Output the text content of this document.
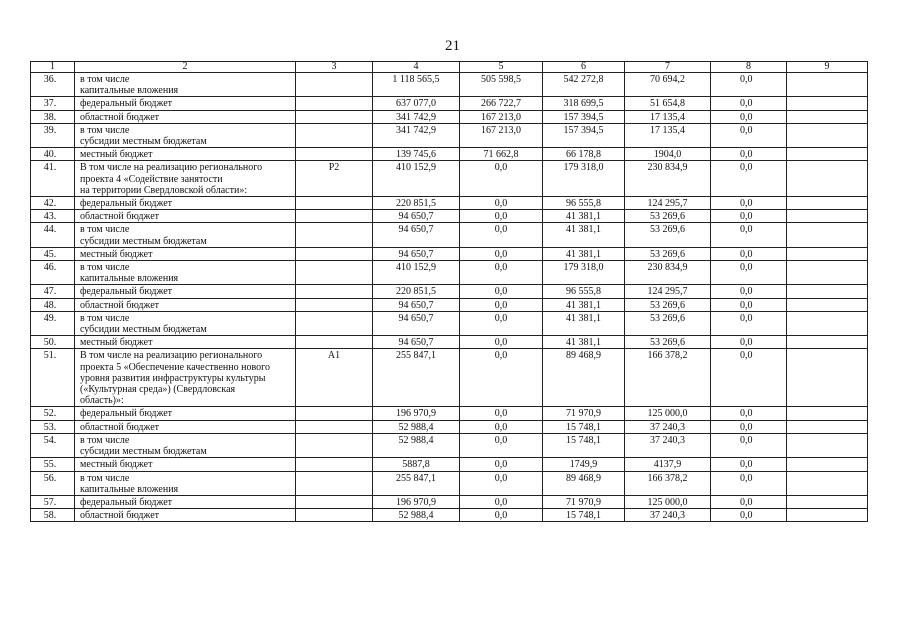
21
1	2	3	4	5	6	7	8	9
36.	в том числе
капитальные вложения		1 118 565,5	505 598,5	542 272,8	70 694,2	0,0	
37.	федеральный бюджет		637 077,0	266 722,7	318 699,5	51 654,8	0,0	
38.	областной бюджет		341 742,9	167 213,0	157 394,5	17 135,4	0,0	
39.	в том числе
субсидии местным бюджетам		341 742,9	167 213,0	157 394,5	17 135,4	0,0	
40.	местный бюджет		139 745,6	71 662,8	66 178,8	1904,0	0,0	
41.	В том числе на реализацию регионального
проекта 4 «Содействие занятости
на территории Свердловской области»:	Р2	410 152,9	0,0	179 318,0	230 834,9	0,0	
42.	федеральный бюджет		220 851,5	0,0	96 555,8	124 295,7	0,0	
43.	областной бюджет		94 650,7	0,0	41 381,1	53 269,6	0,0	
44.	в том числе
субсидии местным бюджетам		94 650,7	0,0	41 381,1	53 269,6	0,0	
45.	местный бюджет		94 650,7	0,0	41 381,1	53 269,6	0,0	
46.	в том числе
капитальные вложения		410 152,9	0,0	179 318,0	230 834,9	0,0	
47.	федеральный бюджет		220 851,5	0,0	96 555,8	124 295,7	0,0	
48.	областной бюджет		94 650,7	0,0	41 381,1	53 269,6	0,0	
49.	в том числе
субсидии местным бюджетам		94 650,7	0,0	41 381,1	53 269,6	0,0	
50.	местный бюджет		94 650,7	0,0	41 381,1	53 269,6	0,0	
51.	В том числе на реализацию регионального
проекта 5 «Обеспечение качественно нового
уровня развития инфраструктуры культуры
(«Культурная среда») (Свердловская
область)»:	А1	255 847,1	0,0	89 468,9	166 378,2	0,0	
52.	федеральный бюджет		196 970,9	0,0	71 970,9	125 000,0	0,0	
53.	областной бюджет		52 988,4	0,0	15 748,1	37 240,3	0,0	
54.	в том числе
субсидии местным бюджетам		52 988,4	0,0	15 748,1	37 240,3	0,0	
55.	местный бюджет		5887,8	0,0	1749,9	4137,9	0,0	
56.	в том числе
капитальные вложения		255 847,1	0,0	89 468,9	166 378,2	0,0	
57.	федеральный бюджет		196 970,9	0,0	71 970,9	125 000,0	0,0	
58.	областной бюджет		52 988,4	0,0	15 748,1	37 240,3	0,0	
